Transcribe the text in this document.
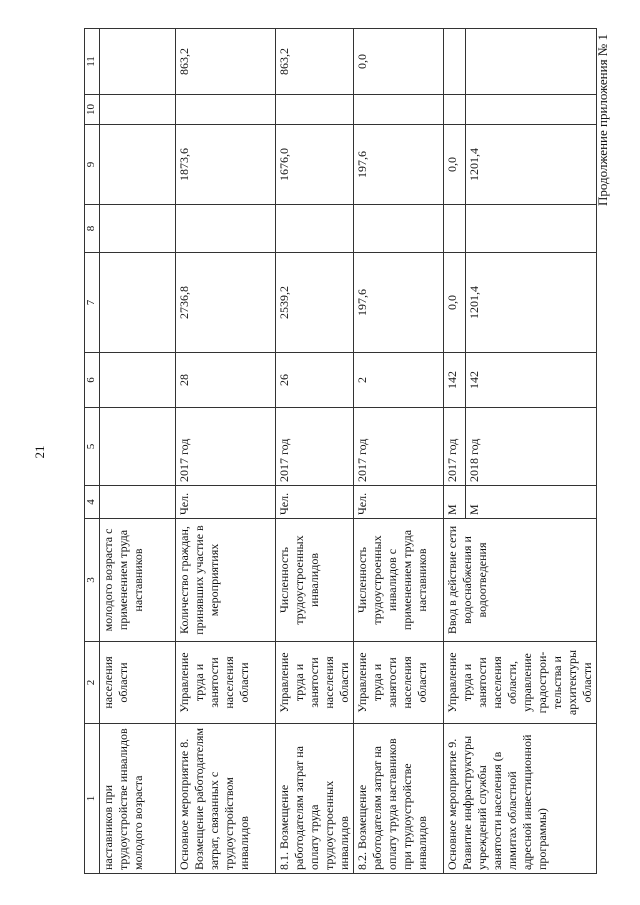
21
Продолжение приложения № 1
1	2	3	4	5	6	7	8	9	10	11
наставников при трудоустройстве инвалидов молодого возраста	населения области	молодого возраста с применением труда наставников								
Основное мероприятие 8. Возмещение работодателям затрат, связанных с трудоустройством инвалидов	Управление труда и занятости населения области	Количество граждан, принявших участие в мероприятиях	Чел.	2017 год	28	2736,8		1873,6		863,2
8.1. Возмещение работодателям затрат на оплату труда трудоустроенных инвалидов	Управление труда и занятости населения области	Численность трудоустроенных инвалидов	Чел.	2017 год	26	2539,2		1676,0		863,2
8.2. Возмещение работодателям затрат на оплату труда наставников при трудоустройстве инвалидов	Управление труда и занятости населения области	Численность трудоустроенных инвалидов с применением труда наставников	Чел.	2017 год	2	197,6		197,6		0,0
Основное мероприятие 9. Развитие инфраструктуры учреждений службы занятости населения (в лимитах областной адресной инвестиционной программы)	Управление труда и занятости населения области, управление градострои-тельства и архитектуры области	Ввод в действие сети водоснабжения и водоотведения	М	2017 год	142	0,0		0,0		
			М	2018 год	142	1201,4		1201,4		
